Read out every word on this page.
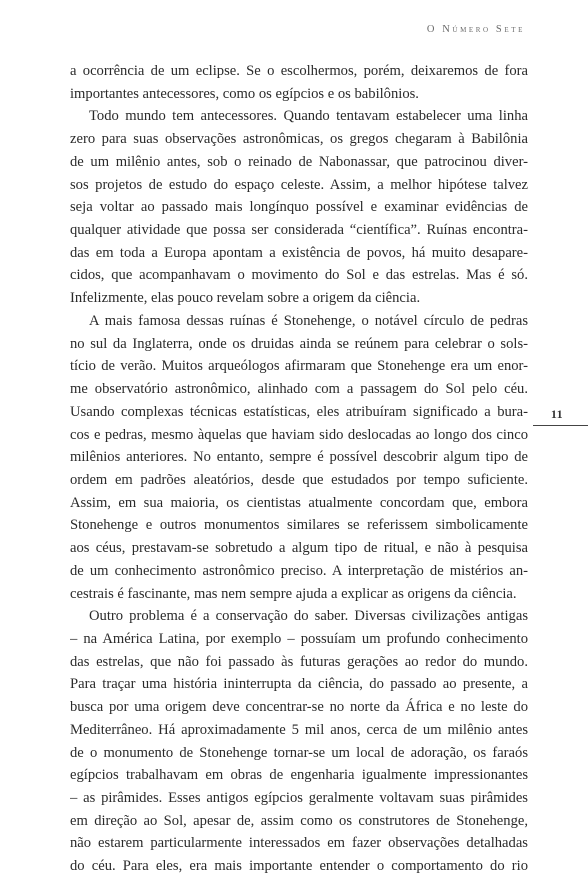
O Número Sete
11
a ocorrência de um eclipse. Se o escolhermos, porém, deixaremos de fora
importantes antecessores, como os egípcios e os babilônios.
Todo mundo tem antecessores. Quando tentavam estabelecer uma linha
zero para suas observações astronômicas, os gregos chegaram à Babilônia
de um milênio antes, sob o reinado de Nabonassar, que patrocinou diver-
sos projetos de estudo do espaço celeste. Assim, a melhor hipótese talvez
seja voltar ao passado mais longínquo possível e examinar evidências de
qualquer atividade que possa ser considerada “científica”. Ruínas encontra-
das em toda a Europa apontam a existência de povos, há muito desapare-
cidos, que acompanhavam o movimento do Sol e das estrelas. Mas é só.
Infelizmente, elas pouco revelam sobre a origem da ciência.
A mais famosa dessas ruínas é Stonehenge, o notável círculo de pedras
no sul da Inglaterra, onde os druidas ainda se reúnem para celebrar o sols-
tício de verão. Muitos arqueólogos afirmaram que Stonehenge era um enor-
me observatório astronômico, alinhado com a passagem do Sol pelo céu.
Usando complexas técnicas estatísticas, eles atribuíram significado a bura-
cos e pedras, mesmo àquelas que haviam sido deslocadas ao longo dos cinco
milênios anteriores. No entanto, sempre é possível descobrir algum tipo de
ordem em padrões aleatórios, desde que estudados por tempo suficiente.
Assim, em sua maioria, os cientistas atualmente concordam que, embora
Stonehenge e outros monumentos similares se referissem simbolicamente
aos céus, prestavam-se sobretudo a algum tipo de ritual, e não à pesquisa
de um conhecimento astronômico preciso. A interpretação de mistérios an-
cestrais é fascinante, mas nem sempre ajuda a explicar as origens da ciência.
Outro problema é a conservação do saber. Diversas civilizações antigas
– na América Latina, por exemplo – possuíam um profundo conhecimento
das estrelas, que não foi passado às futuras gerações ao redor do mundo.
Para traçar uma história ininterrupta da ciência, do passado ao presente, a
busca por uma origem deve concentrar-se no norte da África e no leste do
Mediterrâneo. Há aproximadamente 5 mil anos, cerca de um milênio antes
de o monumento de Stonehenge tornar-se um local de adoração, os faraós
egípcios trabalhavam em obras de engenharia igualmente impressionantes
– as pirâmides. Esses antigos egípcios geralmente voltavam suas pirâmides
em direção ao Sol, apesar de, assim como os construtores de Stonehenge,
não estarem particularmente interessados em fazer observações detalhadas
do céu. Para eles, era mais importante entender o comportamento do rio
